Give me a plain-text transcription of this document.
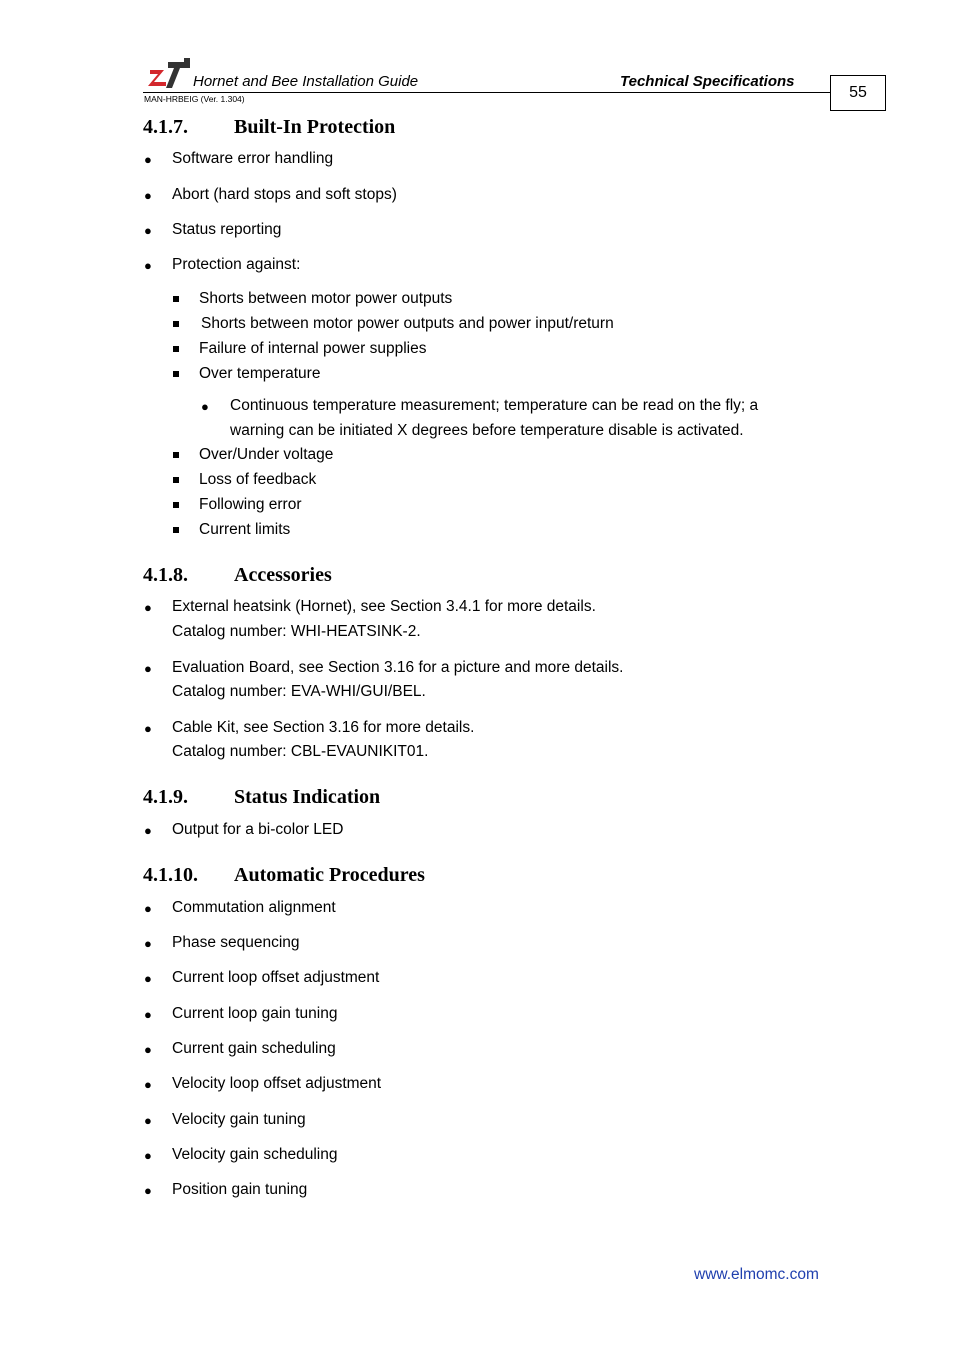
Hornet and Bee Installation Guide	Technical Specifications
MAN-HRBEIG (Ver. 1.304)	55
4.1.7. Built-In Protection
● Software error handling
● Abort (hard stops and soft stops)
● Status reporting
● Protection against:
Shorts between motor power outputs
Shorts between motor power outputs and power input/return
Failure of internal power supplies
Over temperature
● Continuous temperature measurement; temperature can be read on the fly; a
warning can be initiated X degrees before temperature disable is activated.
Over/Under voltage
Loss of feedback
Following error
Current limits
4.1.8. Accessories
● External heatsink (Hornet), see Section 3.4.1 for more details.
Catalog number: WHI-HEATSINK-2.
● Evaluation Board, see Section 3.16 for a picture and more details.
Catalog number: EVA-WHI/GUI/BEL.
● Cable Kit, see Section 3.16 for more details.
Catalog number: CBL-EVAUNIKIT01.
4.1.9. Status Indication
● Output for a bi-color LED
4.1.10. Automatic Procedures
● Commutation alignment
● Phase sequencing
● Current loop offset adjustment
● Current loop gain tuning
● Current gain scheduling
● Velocity loop offset adjustment
● Velocity gain tuning
● Velocity gain scheduling
● Position gain tuning
www.elmomc.com
